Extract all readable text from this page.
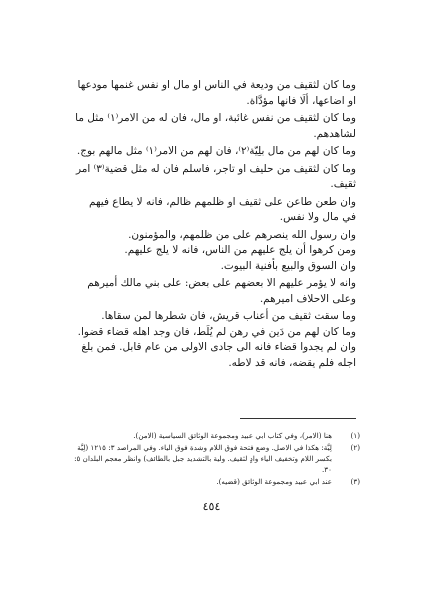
وما كان لثقيف من وديعة في الناس او مال او نفس غنمها مودعها او اضاعها، ألَا فانها مؤدَّاة.

وما كان لثقيف من نفس غائبة، او مال، فان له من الامر⁽١⁾ مثل ما لشاهدهم.

وما كان لهم من مال بلِيّة⁽٢⁾، فان لهم من الامر⁽١⁾ مثل مالهم بوج.

وما كان لثقيف من حليف او تاجر، فاسلم فان له مثل قضية⁽٣⁾ امر ثقيف.

وان طعن طاعن على ثقيف او ظلمهم ظالم، فانه لا يطاع فيهم في مال ولا نفس.

وان رسول الله ينصرهم على من ظلمهم، والمؤمنون.

ومن كرهوا أن يلج عليهم من الناس، فانه لا يلج عليهم.

وان السوق والبيع بأفنية البيوت.

وانه لا يؤمر عليهم الا بعضهم على بعض: على بني مالك أميرهم وعلى الاحلاف اميرهم.

وما سقت ثقيف من أعناب قريش، فان شطرها لمن سقاها.

وما كان لهم من دَين في رهن لم يُلَط، فان وجد اهله قضاء قضوا. وان لم يجدوا قضاء فانه الى جادى الاولى من عام قابل. فمن بلغ اجله فلم يقضه، فانه قد لاطه.

(١)
هنا (الامر)، وفي كتاب ابي عبيد ومجموعة الوثائق السياسية (الامن).
(٢)
لِيَّة: هكذا في الاصل. وضع فتحة فوق اللام وشدة فوق الياء. وفي المراصد ٣: ١٢١٥ (لِيَّة بكسر اللام وتخفيف الياء وادٍ لثقيف. ولية بالتشديد جبل بالطائف) وانظر معجم البلدان ٥: ٣٠.
(٣)
عند ابي عبيد ومجموعة الوثائق (قضيه).
٤٥٤
